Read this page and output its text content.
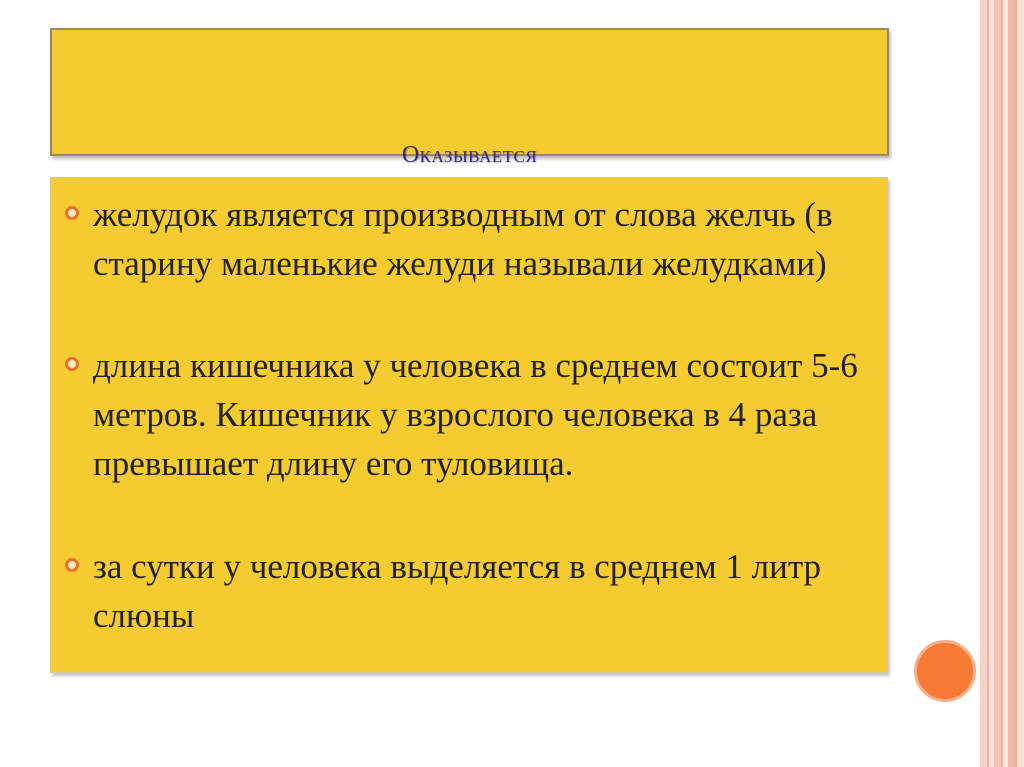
Оказывается
желудок является производным от слова желчь (в старину маленькие желуди называли желудками)
длина кишечника у человека в среднем состоит 5-6 метров. Кишечник у взрослого человека в 4 раза превышает длину его туловища.
за сутки у человека выделяется в среднем 1 литр слюны
